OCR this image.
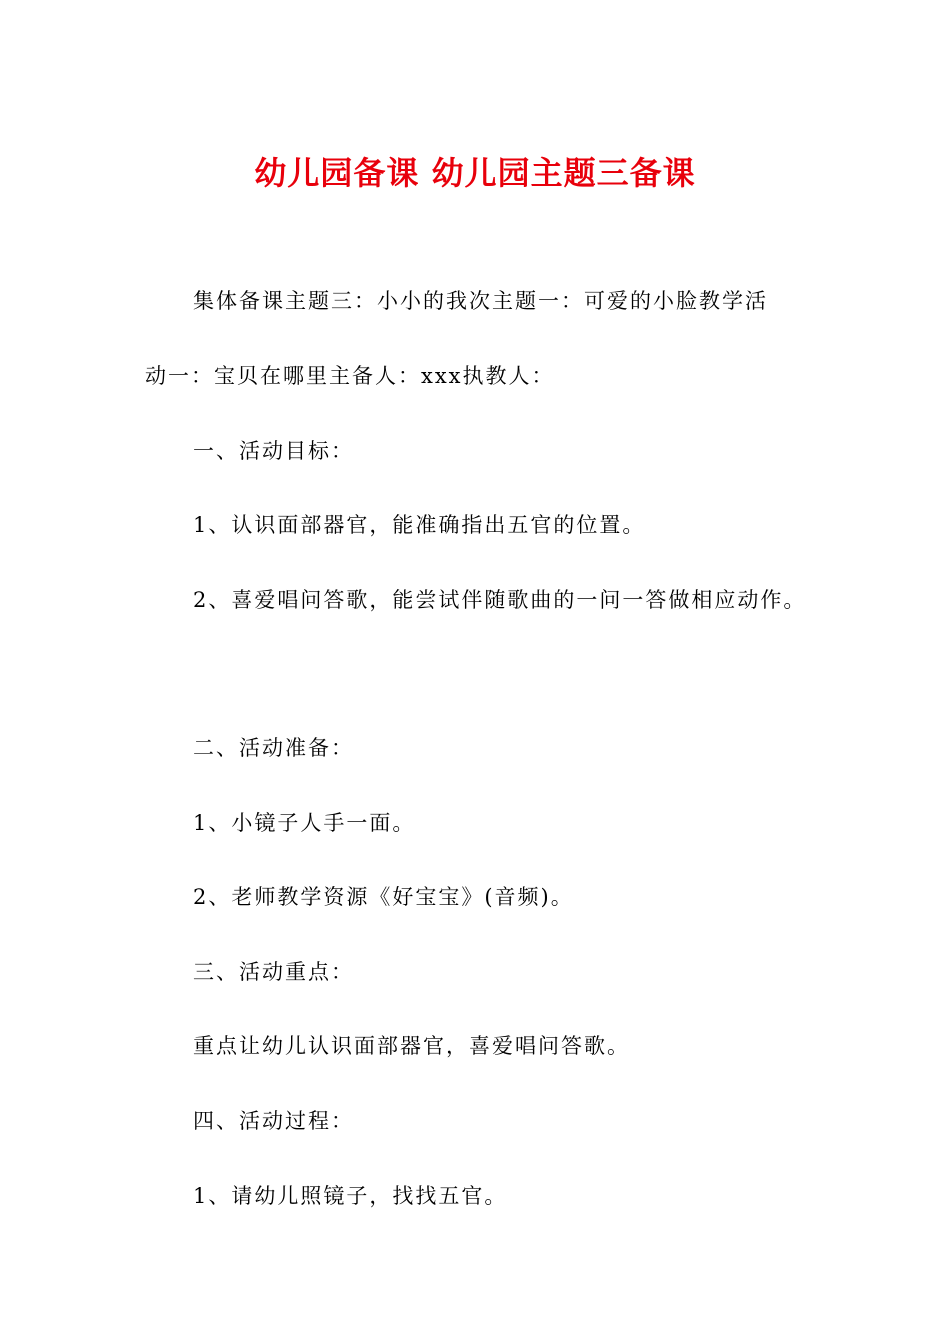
幼儿园备课 幼儿园主题三备课
集体备课主题三：小小的我次主题一：可爱的小脸教学活
动一：宝贝在哪里主备人：xxx执教人：
一、活动目标：
1、认识面部器官，能准确指出五官的位置。
2、喜爱唱问答歌，能尝试伴随歌曲的一问一答做相应动作。
二、活动准备：
1、小镜子人手一面。
2、老师教学资源《好宝宝》(音频)。
三、活动重点：
重点让幼儿认识面部器官，喜爱唱问答歌。
四、活动过程：
1、请幼儿照镜子，找找五官。
